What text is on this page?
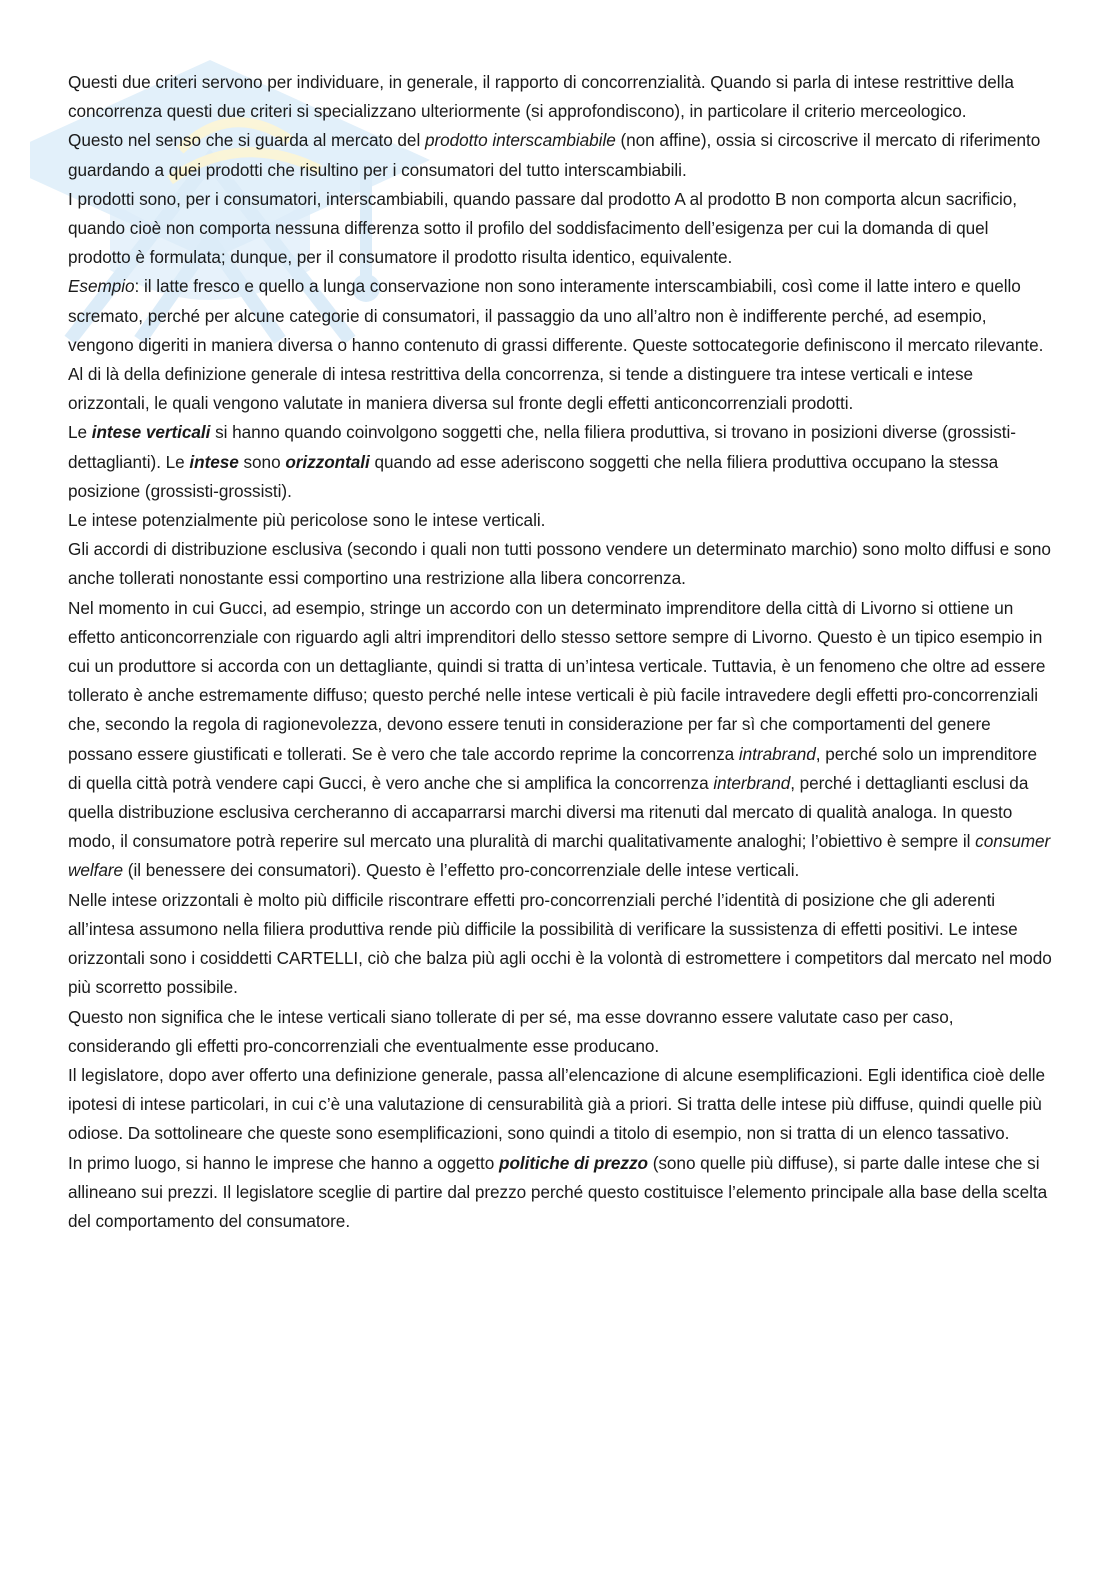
Questi due criteri servono per individuare, in generale, il rapporto di concorrenzialità. Quando si parla di intese restrittive della concorrenza questi due criteri si specializzano ulteriormente (si approfondiscono), in particolare il criterio merceologico.

Questo nel senso che si guarda al mercato del prodotto interscambiabile (non affine), ossia si circoscrive il mercato di riferimento guardando a quei prodotti che risultino per i consumatori del tutto interscambiabili.

I prodotti sono, per i consumatori, interscambiabili, quando passare dal prodotto A al prodotto B non comporta alcun sacrificio, quando cioè non comporta nessuna differenza sotto il profilo del soddisfacimento dell’esigenza per cui la domanda di quel prodotto è formulata; dunque, per il consumatore il prodotto risulta identico, equivalente.

Esempio: il latte fresco e quello a lunga conservazione non sono interamente interscambiabili, così come il latte intero e quello scremato, perché per alcune categorie di consumatori, il passaggio da uno all’altro non è indifferente perché, ad esempio, vengono digeriti in maniera diversa o hanno contenuto di grassi differente. Queste sottocategorie definiscono il mercato rilevante.

Al di là della definizione generale di intesa restrittiva della concorrenza, si tende a distinguere tra intese verticali e intese orizzontali, le quali vengono valutate in maniera diversa sul fronte degli effetti anticoncorrenziali prodotti.

Le intese verticali si hanno quando coinvolgono soggetti che, nella filiera produttiva, si trovano in posizioni diverse (grossisti-dettaglianti). Le intese sono orizzontali quando ad esse aderiscono soggetti che nella filiera produttiva occupano la stessa posizione (grossisti-grossisti).

Le intese potenzialmente più pericolose sono le intese verticali.

Gli accordi di distribuzione esclusiva (secondo i quali non tutti possono vendere un determinato marchio) sono molto diffusi e sono anche tollerati nonostante essi comportino una restrizione alla libera concorrenza.

Nel momento in cui Gucci, ad esempio, stringe un accordo con un determinato imprenditore della città di Livorno si ottiene un effetto anticoncorrenziale con riguardo agli altri imprenditori dello stesso settore sempre di Livorno. Questo è un tipico esempio in cui un produttore si accorda con un dettagliante, quindi si tratta di un’intesa verticale. Tuttavia, è un fenomeno che oltre ad essere tollerato è anche estremamente diffuso; questo perché nelle intese verticali è più facile intravedere degli effetti pro-concorrenziali che, secondo la regola di ragionevolezza, devono essere tenuti in considerazione per far sì che comportamenti del genere possano essere giustificati e tollerati. Se è vero che tale accordo reprime la concorrenza intrabrand, perché solo un imprenditore di quella città potrà vendere capi Gucci, è vero anche che si amplifica la concorrenza interbrand, perché i dettaglianti esclusi da quella distribuzione esclusiva cercheranno di accaparrarsi marchi diversi ma ritenuti dal mercato di qualità analoga. In questo modo, il consumatore potrà reperire sul mercato una pluralità di marchi qualitativamente analoghi; l’obiettivo è sempre il consumer welfare (il benessere dei consumatori). Questo è l’effetto pro-concorrenziale delle intese verticali.

Nelle intese orizzontali è molto più difficile riscontrare effetti pro-concorrenziali perché l’identità di posizione che gli aderenti all’intesa assumono nella filiera produttiva rende più difficile la possibilità di verificare la sussistenza di effetti positivi. Le intese orizzontali sono i cosiddetti CARTELLI, ciò che balza più agli occhi è la volontà di estromettere i competitors dal mercato nel modo più scorretto possibile.

Questo non significa che le intese verticali siano tollerate di per sé, ma esse dovranno essere valutate caso per caso, considerando gli effetti pro-concorrenziali che eventualmente esse producano.

Il legislatore, dopo aver offerto una definizione generale, passa all’elencazione di alcune esemplificazioni. Egli identifica cioè delle ipotesi di intese particolari, in cui c’è una valutazione di censurabilità già a priori. Si tratta delle intese più diffuse, quindi quelle più odiose. Da sottolineare che queste sono esemplificazioni, sono quindi a titolo di esempio, non si tratta di un elenco tassativo.

In primo luogo, si hanno le imprese che hanno a oggetto politiche di prezzo (sono quelle più diffuse), si parte dalle intese che si allineano sui prezzi. Il legislatore sceglie di partire dal prezzo perché questo costituisce l’elemento principale alla base della scelta del comportamento del consumatore.
